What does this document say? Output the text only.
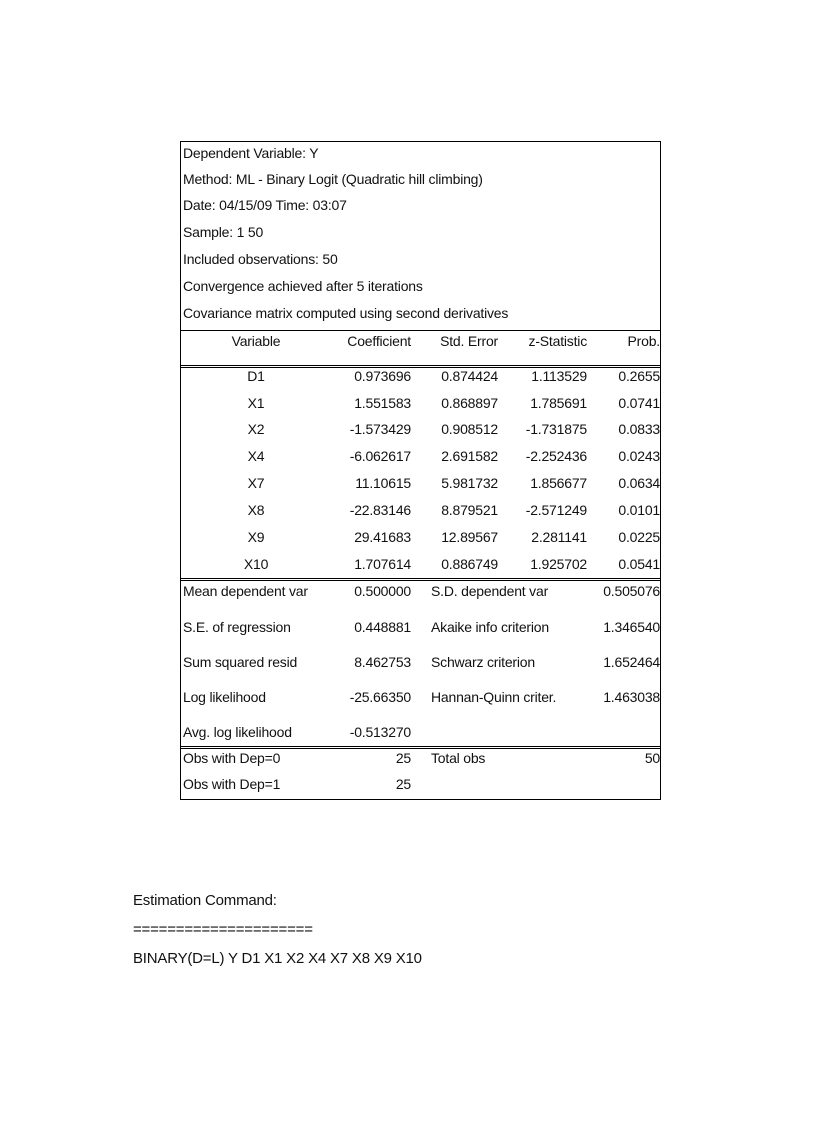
Dependent Variable: Y
Method: ML - Binary Logit (Quadratic hill climbing)
Date: 04/15/09 Time: 03:07
Sample: 1 50
Included observations: 50
Convergence achieved after 5 iterations
Covariance matrix computed using second derivatives
Variable	Coefficient	Std. Error	z-Statistic	Prob.
D1	0.973696	0.874424	1.113529	0.2655
X1	1.551583	0.868897	1.785691	0.0741
X2	-1.573429	0.908512	-1.731875	0.0833
X4	-6.062617	2.691582	-2.252436	0.0243
X7	11.10615	5.981732	1.856677	0.0634
X8	-22.83146	8.879521	-2.571249	0.0101
X9	29.41683	12.89567	2.281141	0.0225
X10	1.707614	0.886749	1.925702	0.0541
Mean dependent var	0.500000 S.D. dependent var	0.505076
S.E. of regression	0.448881 Akaike info criterion	1.346540
Sum squared resid	8.462753 Schwarz criterion	1.652464
Log likelihood	-25.66350 Hannan-Quinn criter.	1.463038
Avg. log likelihood	-0.513270
Obs with Dep=0	25 Total obs	50
Obs with Dep=1	25
Estimation Command:
=====================
BINARY(D=L) Y D1 X1 X2 X4 X7 X8 X9 X10
